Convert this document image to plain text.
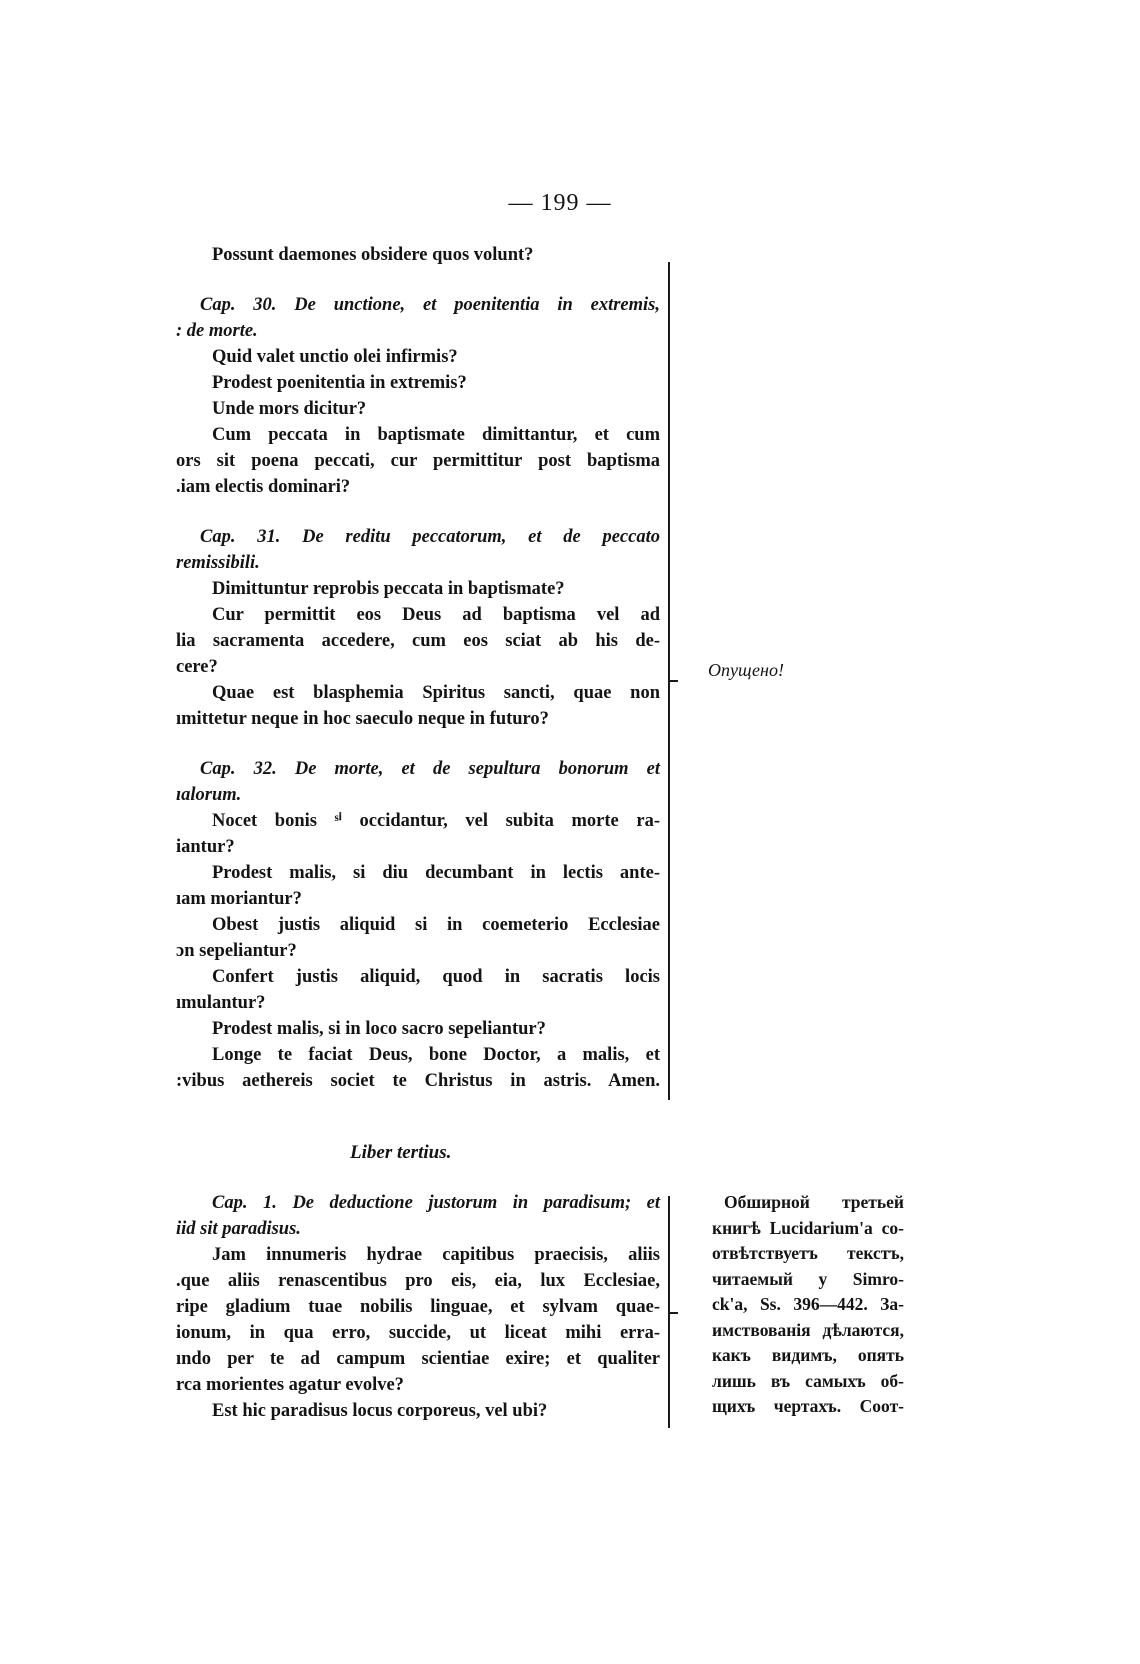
— 199 —
Possunt daemones obsidere quos volunt?
Cap. 30. De unctione, et poenitentia in extremis,
: de morte.
Quid valet unctio olei infirmis?
Prodest poenitentia in extremis?
Unde mors dicitur?
Cum peccata in baptismate dimittantur, et cum
ors sit poena peccati, cur permittitur post baptisma
.iam electis dominari?
Cap. 31. De reditu peccatorum, et de peccato
remissibili.
Dimittuntur reprobis peccata in baptismate?
Cur permittit eos Deus ad baptisma vel ad
lia sacramenta accedere, cum eos sciat ab his de-
cere?
Quae est blasphemia Spiritus sancti, quae non
ımittetur neque in hoc saeculo neque in futuro?
Cap. 32. De morte, et de sepultura bonorum et
ıalorum.
Nocet bonis ˢⁱ occidantur, vel subita morte ra-
iantur?
Prodest malis, si diu decumbant in lectis ante-
ıam moriantur?
Obest justis aliquid si in coemeterio Ecclesiae
ɔn sepeliantur?
Confert justis aliquid, quod in sacratis locis
ımulantur?
Prodest malis, si in loco sacro sepeliantur?
Longe te faciat Deus, bone Doctor, a malis, et
:vibus aethereis societ te Christus in astris. Amen.
Опущено!
Liber tertius.
Cap. 1. De deductione justorum in paradisum; et
iid sit paradisus.
Jam innumeris hydrae capitibus praecisis, aliis
.que aliis renascentibus pro eis, eia, lux Ecclesiae,
ripe gladium tuae nobilis linguae, et sylvam quae-
ionum, in qua erro, succide, ut liceat mihi erra-
ındo per te ad campum scientiae exire; et qualiter
rca morientes agatur evolve?
Est hic paradisus locus corporeus, vel ubi?
Обширной третьей
книгѣ Lucidarium'а со-
отвѣтствуетъ текстъ,
читаемый у Simro-
ck'a, Ss. 396—442. За-
имствованія дѣлаются,
какъ видимъ, опять
лишь въ самыхъ об-
щихъ чертахъ. Соот-
